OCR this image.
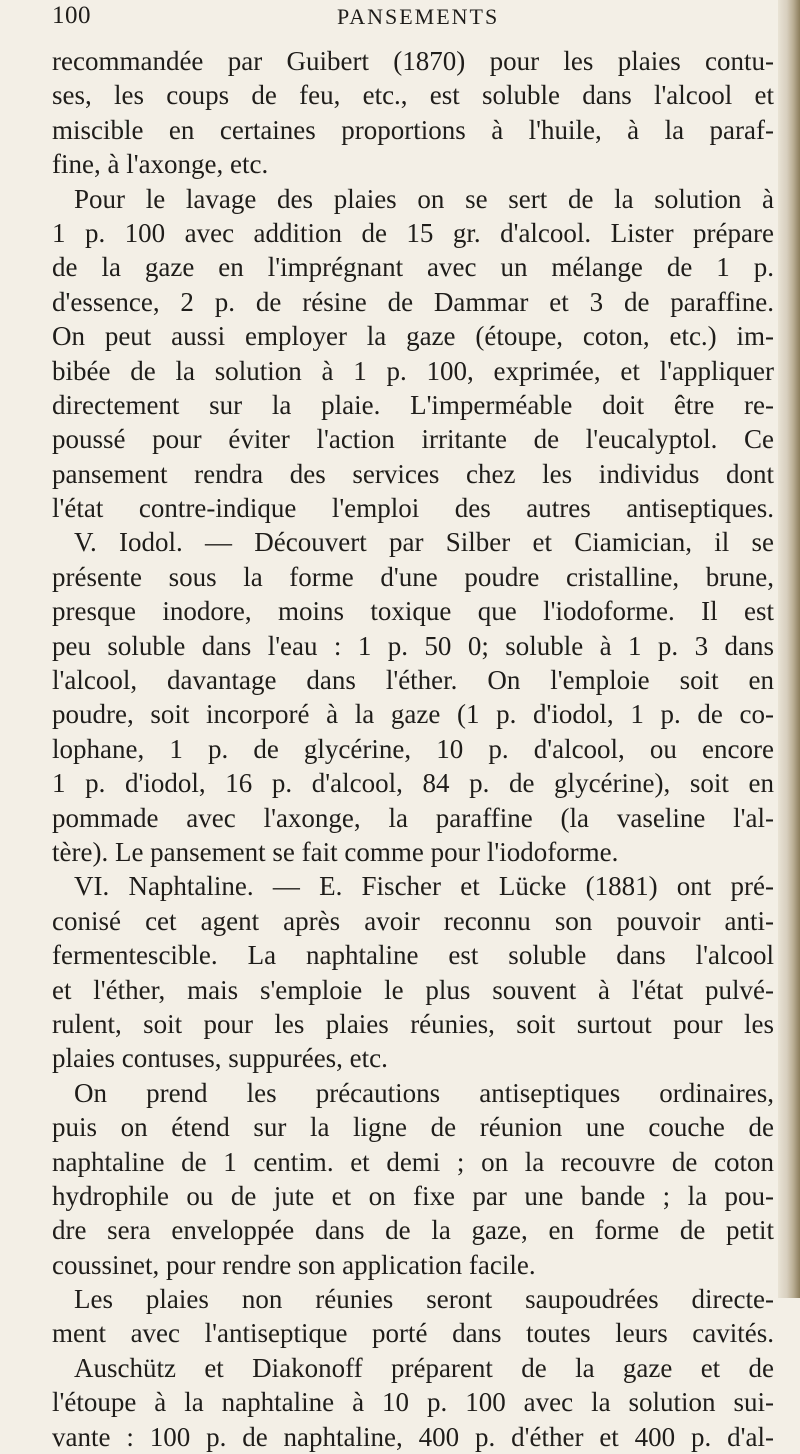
100	PANSEMENTS
recommandée par Guibert (1870) pour les plaies contu-
ses, les coups de feu, etc., est soluble dans l'alcool et
miscible en certaines proportions à l'huile, à la paraf-
fine, à l'axonge, etc.
Pour le lavage des plaies on se sert de la solution à
1 p. 100 avec addition de 15 gr. d'alcool. Lister prépare
de la gaze en l'imprégnant avec un mélange de 1 p.
d'essence, 2 p. de résine de Dammar et 3 de paraffine.
On peut aussi employer la gaze (étoupe, coton, etc.) im-
bibée de la solution à 1 p. 100, exprimée, et l'appliquer
directement sur la plaie. L'imperméable doit être re-
poussé pour éviter l'action irritante de l'eucalyptol. Ce
pansement rendra des services chez les individus dont
l'état contre-indique l'emploi des autres antiseptiques.
V. Iodol. — Découvert par Silber et Ciamician, il se
présente sous la forme d'une poudre cristalline, brune,
presque inodore, moins toxique que l'iodoforme. Il est
peu soluble dans l'eau : 1 p. 50 0; soluble à 1 p. 3 dans
l'alcool, davantage dans l'éther. On l'emploie soit en
poudre, soit incorporé à la gaze (1 p. d'iodol, 1 p. de co-
lophane, 1 p. de glycérine, 10 p. d'alcool, ou encore
1 p. d'iodol, 16 p. d'alcool, 84 p. de glycérine), soit en
pommade avec l'axonge, la paraffine (la vaseline l'al-
tère). Le pansement se fait comme pour l'iodoforme.
VI. Naphtaline. — E. Fischer et Lücke (1881) ont pré-
conisé cet agent après avoir reconnu son pouvoir anti-
fermentescible. La naphtaline est soluble dans l'alcool
et l'éther, mais s'emploie le plus souvent à l'état pulvé-
rulent, soit pour les plaies réunies, soit surtout pour les
plaies contuses, suppurées, etc.
On prend les précautions antiseptiques ordinaires,
puis on étend sur la ligne de réunion une couche de
naphtaline de 1 centim. et demi ; on la recouvre de coton
hydrophile ou de jute et on fixe par une bande ; la pou-
dre sera enveloppée dans de la gaze, en forme de petit
coussinet, pour rendre son application facile.
Les plaies non réunies seront saupoudrées directe-
ment avec l'antiseptique porté dans toutes leurs cavités.
Auschütz et Diakonoff préparent de la gaze et de
l'étoupe à la naphtaline à 10 p. 100 avec la solution sui-
vante : 100 p. de naphtaline, 400 p. d'éther et 400 p. d'al-
